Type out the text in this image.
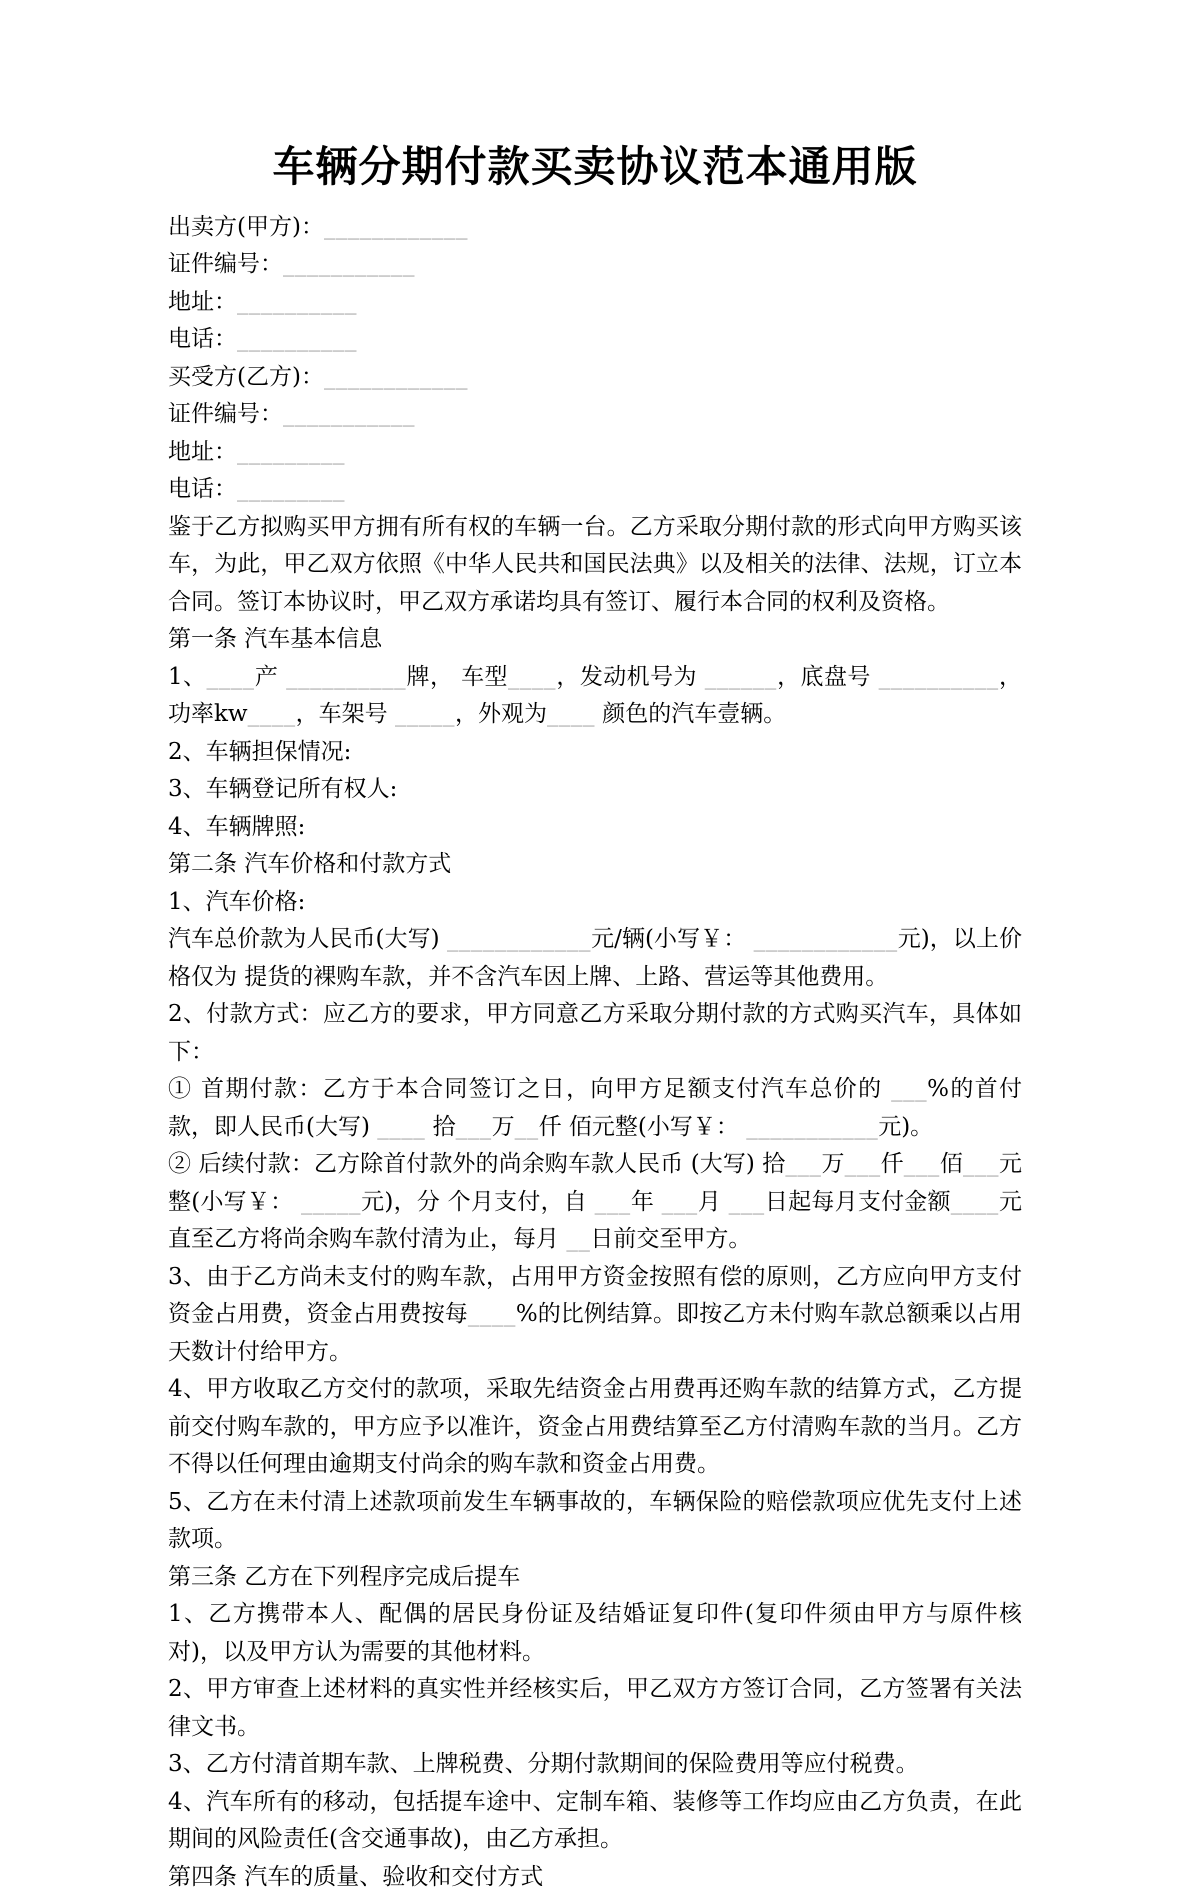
车辆分期付款买卖协议范本通用版

出卖方(甲方)：____________

证件编号：___________

地址：__________

电话：__________

买受方(乙方)：____________

证件编号：___________

地址：_________

电话：_________

鉴于乙方拟购买甲方拥有所有权的车辆一台。乙方采取分期付款的形式向甲方购买该车，为此，甲乙双方依照《中华人民共和国民法典》以及相关的法律、法规，订立本合同。签订本协议时，甲乙双方承诺均具有签订、履行本合同的权利及资格。

第一条 汽车基本信息

1、____产 __________牌， 车型____，发动机号为 ______，底盘号 __________，功率kw____，车架号 _____，外观为____ 颜色的汽车壹辆。

2、车辆担保情况:

3、车辆登记所有权人:

4、车辆牌照:

第二条 汽车价格和付款方式

1、汽车价格:

汽车总价款为人民币(大写) ____________元/辆(小写￥： ____________元)，以上价格仅为 提货的裸购车款，并不含汽车因上牌、上路、营运等其他费用。

2、付款方式：应乙方的要求，甲方同意乙方采取分期付款的方式购买汽车，具体如下：

① 首期付款：乙方于本合同签订之日，向甲方足额支付汽车总价的 ___%的首付款，即人民币(大写) ____ 拾___万__仟 佰元整(小写￥： ___________元)。

② 后续付款：乙方除首付款外的尚余购车款人民币 (大写) 拾___万___仟___佰___元整(小写￥： _____元)，分 个月支付，自 ___年 ___月 ___日起每月支付金额____元直至乙方将尚余购车款付清为止，每月 __日前交至甲方。

3、由于乙方尚未支付的购车款，占用甲方资金按照有偿的原则，乙方应向甲方支付资金占用费，资金占用费按每____%的比例结算。即按乙方未付购车款总额乘以占用天数计付给甲方。

4、甲方收取乙方交付的款项，采取先结资金占用费再还购车款的结算方式，乙方提前交付购车款的，甲方应予以准许，资金占用费结算至乙方付清购车款的当月。乙方不得以任何理由逾期支付尚余的购车款和资金占用费。

5、乙方在未付清上述款项前发生车辆事故的，车辆保险的赔偿款项应优先支付上述款项。

第三条 乙方在下列程序完成后提车

1、乙方携带本人、配偶的居民身份证及结婚证复印件(复印件须由甲方与原件核对)，以及甲方认为需要的其他材料。

2、甲方审查上述材料的真实性并经核实后，甲乙双方方签订合同，乙方签署有关法律文书。

3、乙方付清首期车款、上牌税费、分期付款期间的保险费用等应付税费。

4、汽车所有的移动，包括提车途中、定制车箱、装修等工作均应由乙方负责，在此期间的风险责任(含交通事故)，由乙方承担。

第四条 汽车的质量、验收和交付方式
